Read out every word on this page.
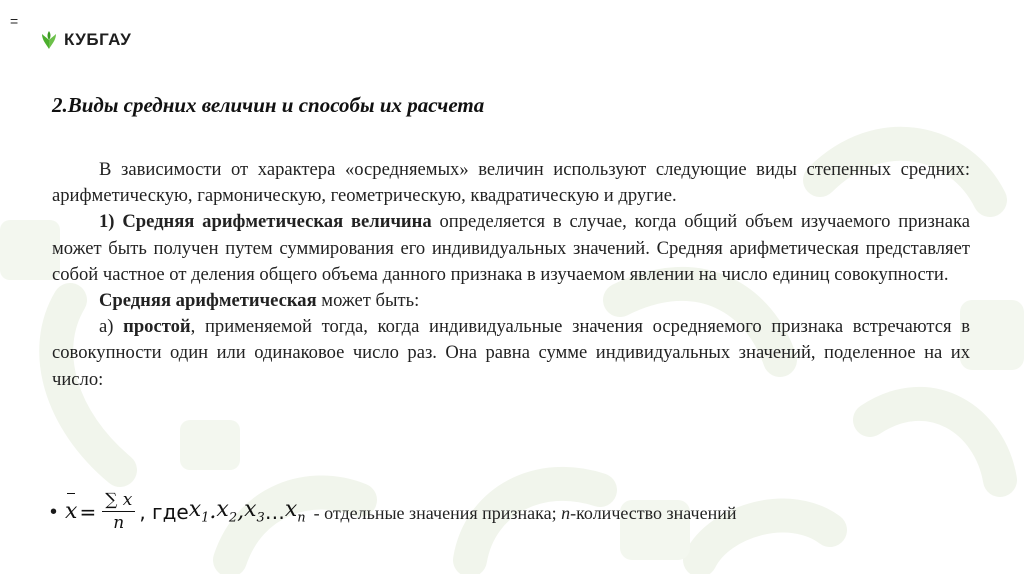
=
КУБГАУ
2.Виды средних величин и способы их расчета

В зависимости от характера «осредняемых» величин используют следующие виды степенных средних: арифметическую, гармоническую, геометрическую, квадратическую и другие.

1) Средняя арифметическая величина определяется в случае, когда общий объем изучаемого признака может быть получен путем суммирования его индивидуальных значений. Средняя арифметическая представляет собой частное от деления общего объема данного признака в изучаемом явлении на число единиц совокупности.

Средняя арифметическая может быть:

а) простой, применяемой тогда, когда индивидуальные значения осредняемого признака встречаются в совокупности один или одинаковое число раз. Она равна сумме индивидуальных значений, поделенное на их число:

• $x = \frac{\sum x}{n}$ , где $x_1$ . $x_2$ , $x_3$ … $x_n$ - отдельные значения признака; n-количество значений
